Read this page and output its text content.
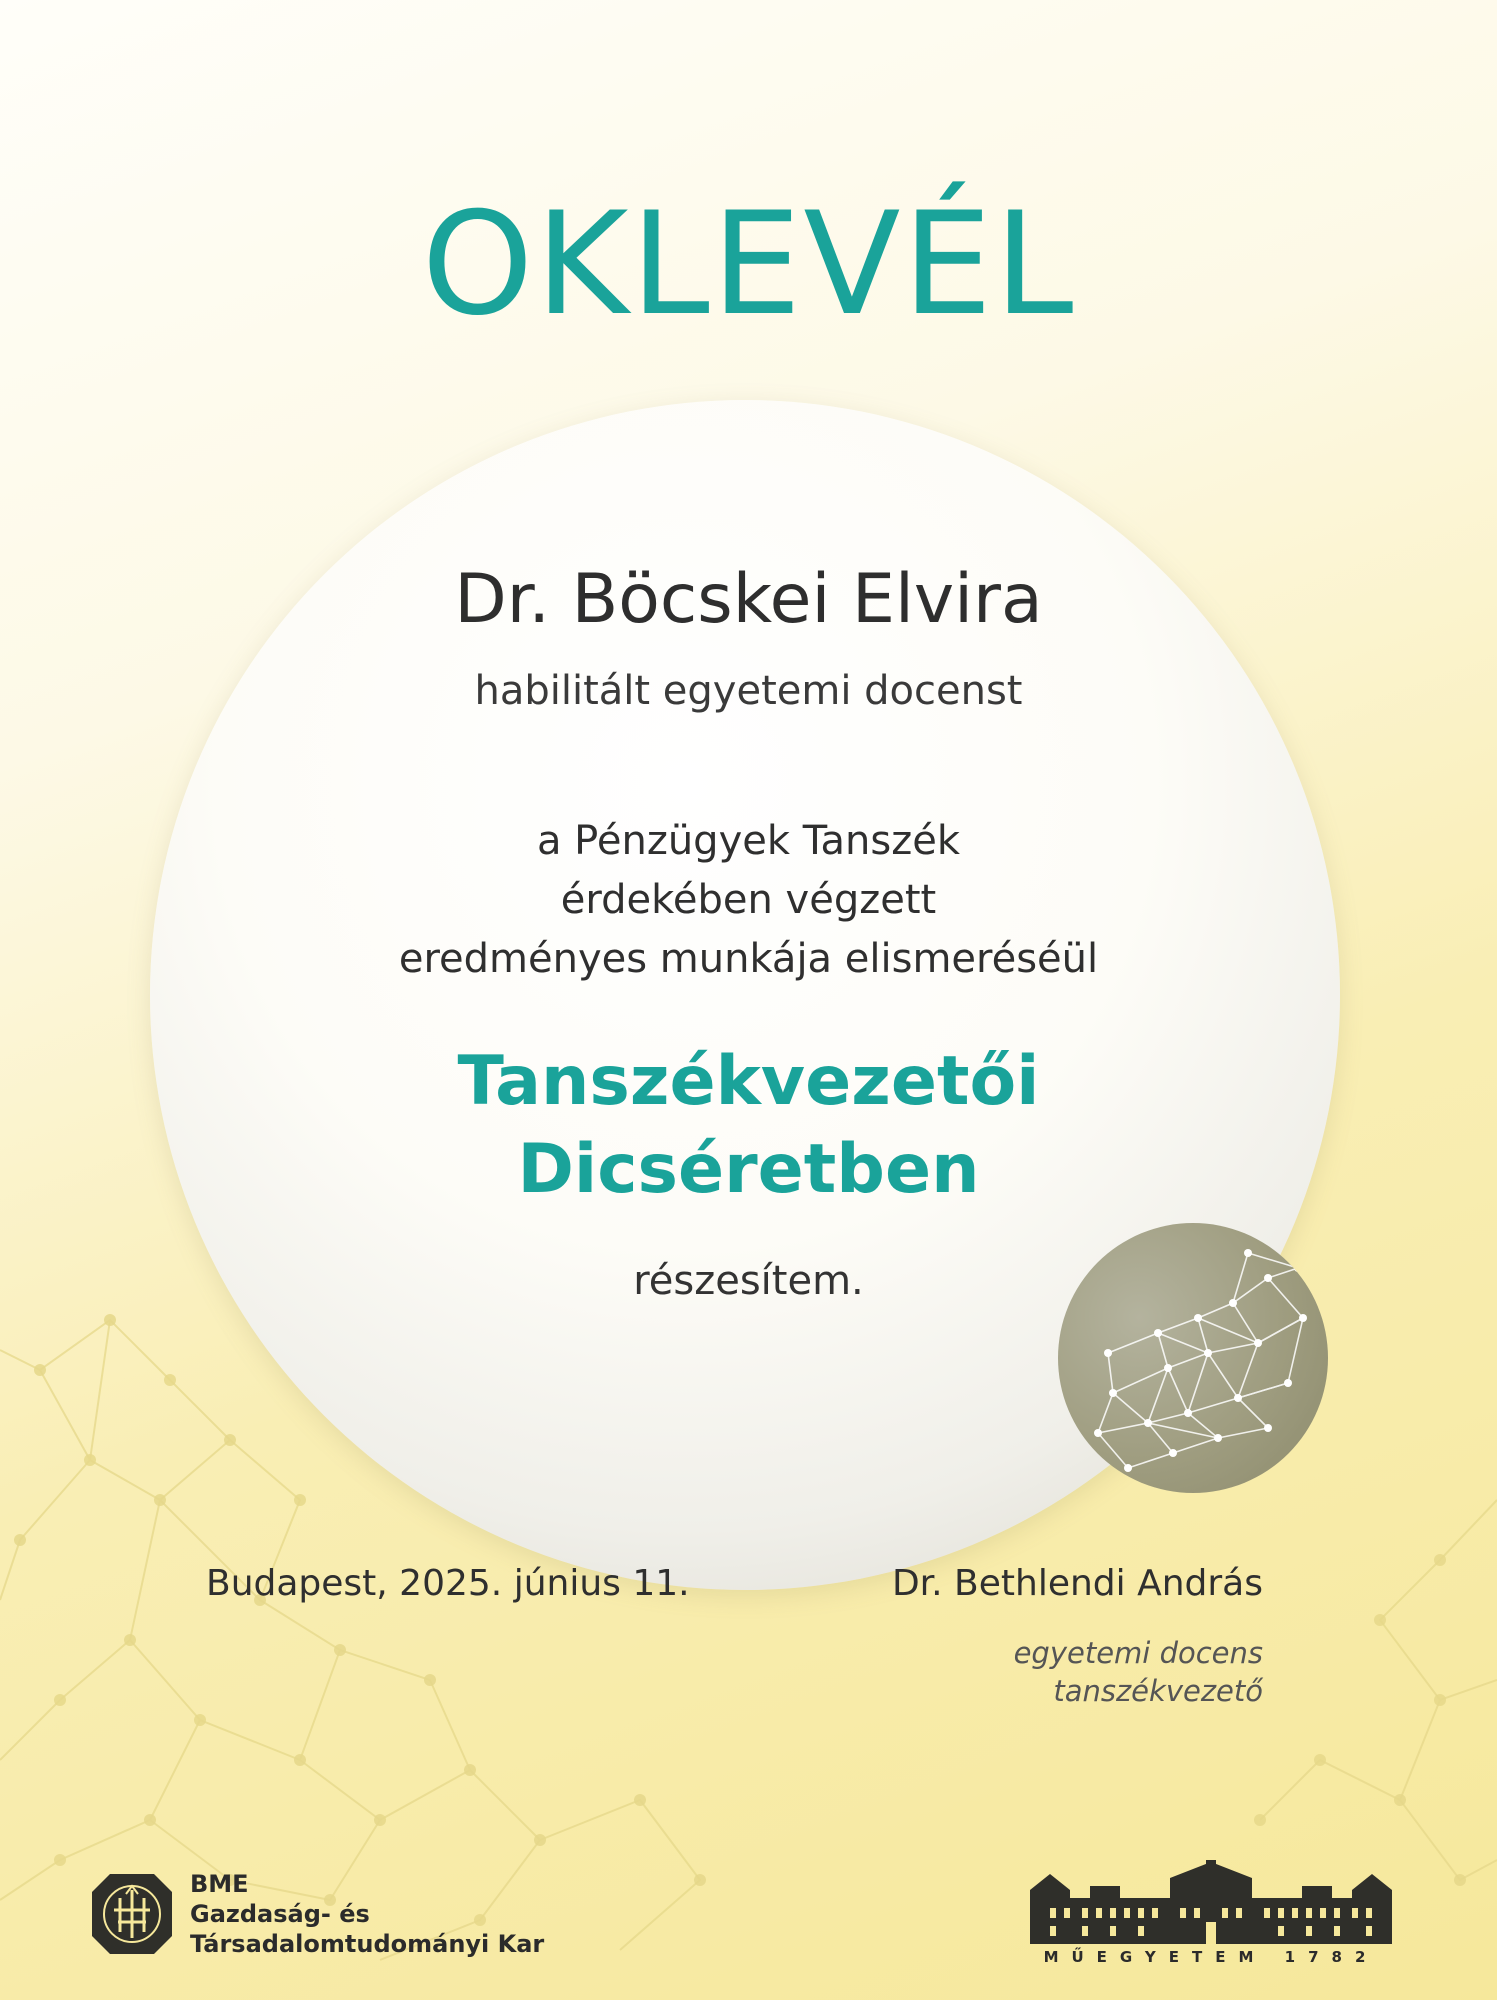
OKLEVÉL
Dr. Böcskei Elvira
habilitált egyetemi docenst
a Pénzügyek Tanszék
érdekében végzett
eredményes munkája elismeréséül
Tanszékvezetői
Dicséretben
részesítem.
Budapest, 2025. június 11.	Dr. Bethlendi András
egyetemi docens
tanszékvezető
BME
Gazdaság- és
Társadalomtudományi Kar	MŰEGYETEM 1782
